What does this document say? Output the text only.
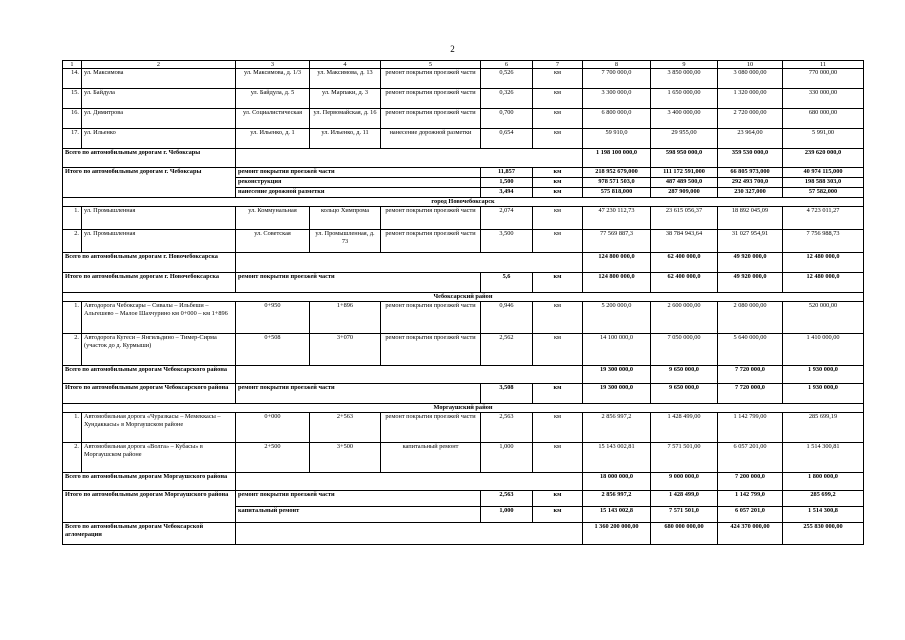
2
1	2	3	4	5	6	7	8	9	10	11
14.	ул. Максимова	ул. Максимова, д. 1/3	ул. Максимова, д. 13	ремонт покрытия проезжей части	0,526	км	7 700 000,0	3 850 000,00	3 080 000,00	770 000,00
15.	ул. Байдула	ул. Байдула, д. 5	ул. Марпаки, д. 3	ремонт покрытия проезжей части	0,326	км	3 300 000,0	1 650 000,00	1 320 000,00	330 000,00
16.	ул. Димитрова	ул. Социалистическая	ул. Первомайская, д. 16	ремонт покрытия проезжей части	0,700	км	6 800 000,0	3 400 000,00	2 720 000,00	680 000,00
17.	ул. Ильенко	ул. Ильенко, д. 1	ул. Ильенко, д. 11	нанесение дорожной разметки	0,654	км	59 910,0	29 955,00	23 964,00	5 991,00
Всего по автомобильным дорогам г. Чебоксары							1 198 100 000,0	598 950 000,0	359 530 000,0	239 620 000,0
Итого по автомобильным дорогам г. Чебоксары		ремонт покрытия проезжей части			11,857	км	218 952 679,000	111 172 591,000	66 805 973,000	40 974 115,000
		реконструкция			1,500	км	978 571 503,0	487 489 500,0	292 493 700,0	198 588 303,0
		нанесение дорожной разметки			3,494	км	575 818,000	287 909,000	230 327,000	57 582,000
город Новочебоксарск										
1.	ул. Промышленная	ул. Коммунальная	кольцо Химпрома	ремонт покрытия проезжей части	2,074	км	47 230 112,73	23 615 056,37	18 892 045,09	4 723 011,27
2.	ул. Промышленная	ул. Советская	ул. Промышленная, д. 73	ремонт покрытия проезжей части	3,500	км	77 569 887,3	38 784 943,64	31 027 954,91	7 756 988,73
Всего по автомобильным дорогам г. Новочебоксарска							124 800 000,0	62 400 000,0	49 920 000,0	12 480 000,0
Итого по автомобильным дорогам г. Новочебоксарска		ремонт покрытия проезжей части			5,6	км	124 800 000,0	62 400 000,0	49 920 000,0	12 480 000,0
Чебоксарский район										
1.	Автодорога Чебоксары – Сивалы – Ильбеши – Альгешево – Малое Шахчурино км 0+000 – км 1+896	0+950	1+896	ремонт покрытия проезжей части	0,946	км	5 200 000,0	2 600 000,00	2 080 000,00	520 000,00
2.	Автодорога Кугеси – Янгильдино – Тимер-Сирма (участок до д. Курмыши)	0+508	3+070	ремонт покрытия проезжей части	2,562	км	14 100 000,0	7 050 000,00	5 640 000,00	1 410 000,00
Всего по автомобильным дорогам Чебоксарского района							19 300 000,0	9 650 000,0	7 720 000,0	1 930 000,0
Итого по автомобильным дорогам Чебоксарского района		ремонт покрытия проезжей части			3,508	км	19 300 000,0	9 650 000,0	7 720 000,0	1 930 000,0
Моргаушский район										
1.	Автомобильная дорога «Чуразкасы – Мемеккасы – Хундаккасы» в Моргаушском районе	0+000	2+563	ремонт покрытия проезжей части	2,563	км	2 856 997,2	1 428 499,00	1 142 799,00	285 699,19
2.	Автомобильная дорога «Волга» – Кубасы» в Моргаушском районе	2+500	3+500	капитальный ремонт	1,000	км	15 143 002,81	7 571 501,00	6 057 201,00	1 514 300,81
Всего по автомобильным дорогам Моргаушского района							18 000 000,0	9 000 000,0	7 200 000,0	1 800 000,0
Итого по автомобильным дорогам Моргаушского района		ремонт покрытия проезжей части			2,563	км	2 856 997,2	1 428 499,0	1 142 799,0	285 699,2
		капитальный ремонт			1,000	км	15 143 002,8	7 571 501,0	6 057 201,0	1 514 300,8
Всего по автомобильным дорогам Чебоксарской агломерации							1 360 200 000,00	680 000 000,00	424 370 000,00	255 830 000,00
